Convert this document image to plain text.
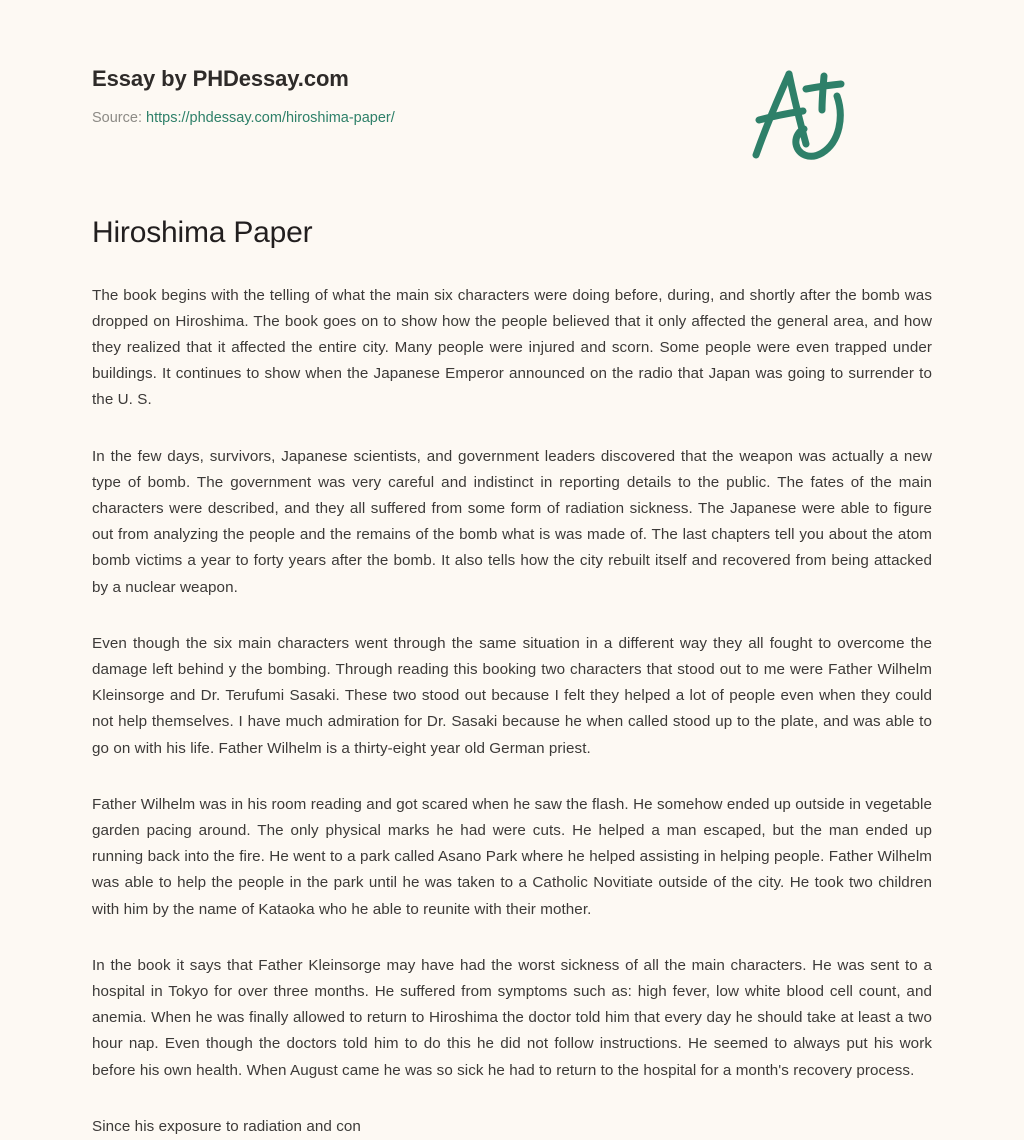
Essay by PHDessay.com
Source: https://phdessay.com/hiroshima-paper/
Hiroshima Paper

The book begins with the telling of what the main six characters were doing before, during, and shortly after the bomb was dropped on Hiroshima. The book goes on to show how the people believed that it only affected the general area, and how they realized that it affected the entire city. Many people were injured and scorn. Some people were even trapped under buildings. It continues to show when the Japanese Emperor announced on the radio that Japan was going to surrender to the U. S.

In the few days, survivors, Japanese scientists, and government leaders discovered that the weapon was actually a new type of bomb. The government was very careful and indistinct in reporting details to the public. The fates of the main characters were described, and they all suffered from some form of radiation sickness. The Japanese were able to figure out from analyzing the people and the remains of the bomb what is was made of. The last chapters tell you about the atom bomb victims a year to forty years after the bomb. It also tells how the city rebuilt itself and recovered from being attacked by a nuclear weapon.

Even though the six main characters went through the same situation in a different way they all fought to overcome the damage left behind y the bombing. Through reading this booking two characters that stood out to me were Father Wilhelm Kleinsorge and Dr. Terufumi Sasaki. These two stood out because I felt they helped a lot of people even when they could not help themselves. I have much admiration for Dr. Sasaki because he when called stood up to the plate, and was able to go on with his life. Father Wilhelm is a thirty-eight year old German priest.

Father Wilhelm was in his room reading and got scared when he saw the flash. He somehow ended up outside in vegetable garden pacing around. The only physical marks he had were cuts. He helped a man escaped, but the man ended up running back into the fire. He went to a park called Asano Park where he helped assisting in helping people. Father Wilhelm was able to help the people in the park until he was taken to a Catholic Novitiate outside of the city. He took two children with him by the name of Kataoka who he able to reunite with their mother.

In the book it says that Father Kleinsorge may have had the worst sickness of all the main characters. He was sent to a hospital in Tokyo for over three months. He suffered from symptoms such as: high fever, low white blood cell count, and anemia. When he was finally allowed to return to Hiroshima the doctor told him that every day he should take at least a two hour nap. Even though the doctors told him to do this he did not follow instructions. He seemed to always put his work before his own health. When August came he was so sick he had to return to the hospital for a month's recovery process.

Since his exposure to radiation and con
